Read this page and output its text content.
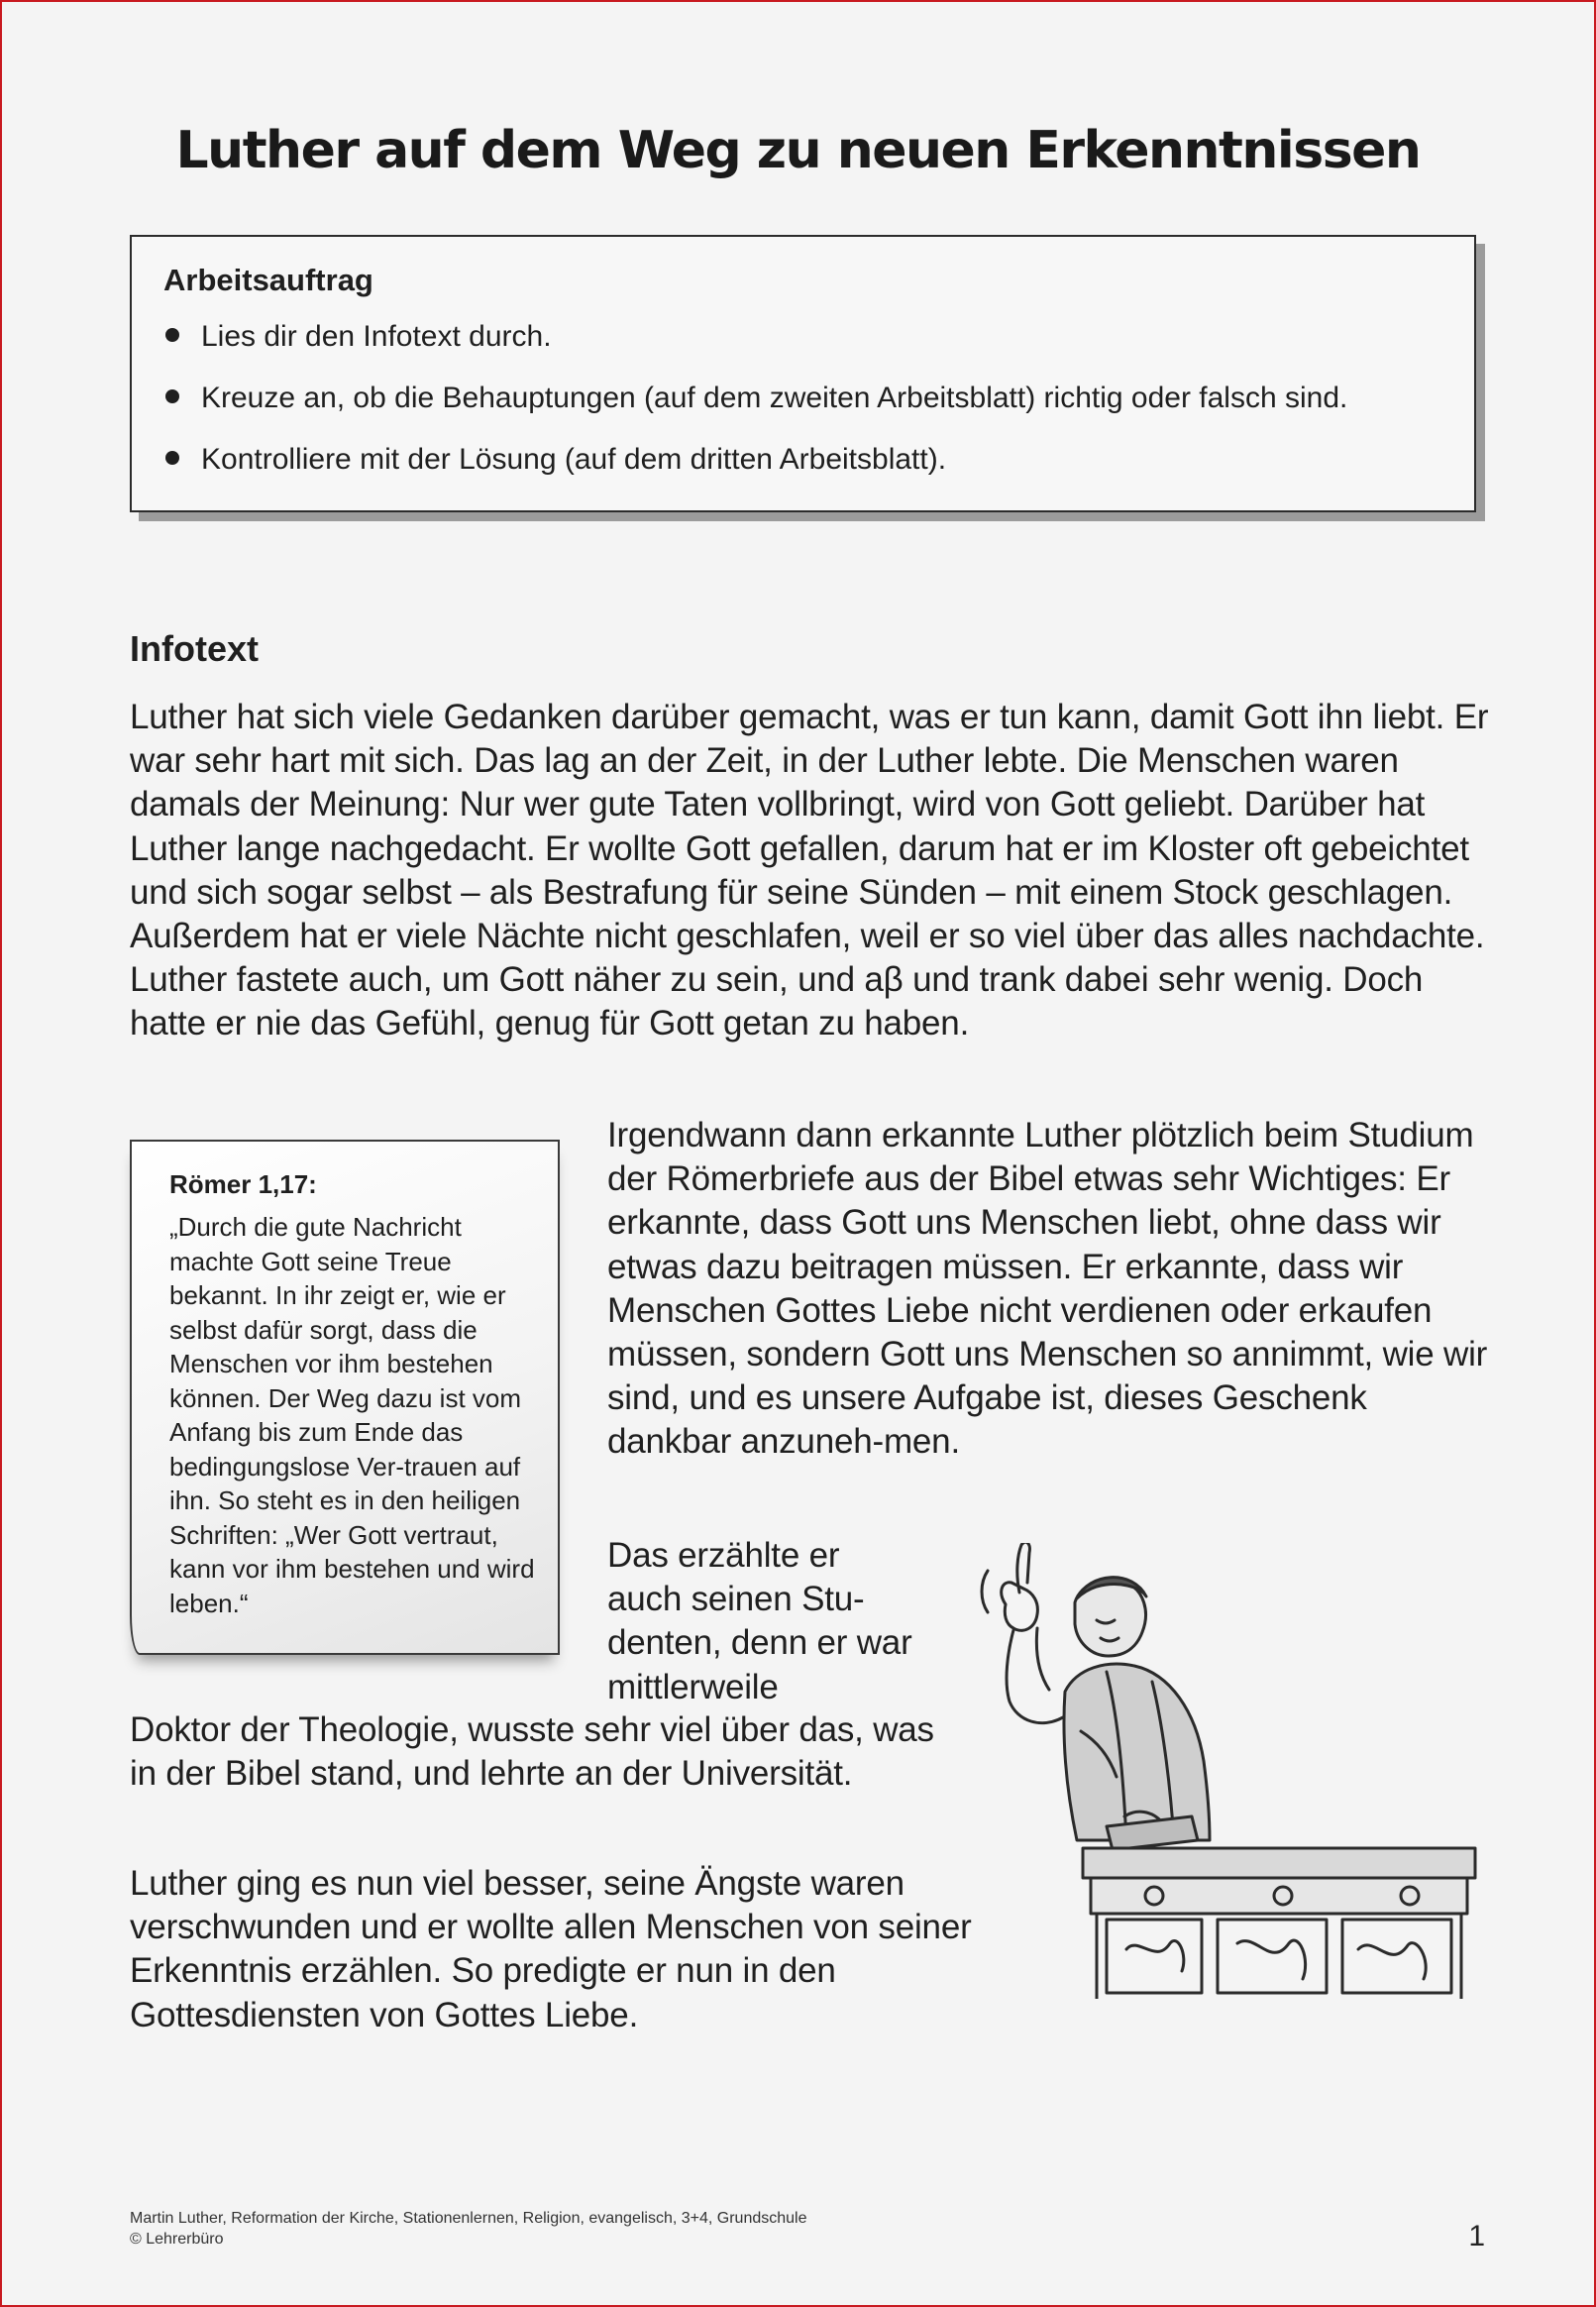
Luther auf dem Weg zu neuen Erkenntnissen
Arbeitsauftrag
Lies dir den Infotext durch.
Kreuze an, ob die Behauptungen (auf dem zweiten Arbeitsblatt) richtig oder falsch sind.
Kontrolliere mit der Lösung (auf dem dritten Arbeitsblatt).
Infotext
Luther hat sich viele Gedanken darüber gemacht, was er tun kann, damit Gott ihn liebt. Er war sehr hart mit sich. Das lag an der Zeit, in der Luther lebte. Die Menschen waren damals der Meinung: Nur wer gute Taten vollbringt, wird von Gott geliebt. Darüber hat Luther lange nachgedacht. Er wollte Gott gefallen, darum hat er im Kloster oft gebeichtet und sich sogar selbst – als Bestrafung für seine Sünden – mit einem Stock geschlagen. Außerdem hat er viele Nächte nicht geschlafen, weil er so viel über das alles nachdachte. Luther fastete auch, um Gott näher zu sein, und aβ und trank dabei sehr wenig. Doch hatte er nie das Gefühl, genug für Gott getan zu haben.
Römer 1,17:
„Durch die gute Nachricht machte Gott seine Treue bekannt. In ihr zeigt er, wie er selbst dafür sorgt, dass die Menschen vor ihm bestehen können. Der Weg dazu ist vom Anfang bis zum Ende das bedingungslose Ver-trauen auf ihn. So steht es in den heiligen Schriften: „Wer Gott vertraut, kann vor ihm bestehen und wird leben.“
Irgendwann dann erkannte Luther plötzlich beim Studium der Römerbriefe aus der Bibel etwas sehr Wichtiges: Er erkannte, dass Gott uns Menschen liebt, ohne dass wir etwas dazu beitragen müssen. Er erkannte, dass wir Menschen Gottes Liebe nicht verdienen oder erkaufen müssen, sondern Gott uns Menschen so annimmt, wie wir sind, und es unsere Aufgabe ist, dieses Geschenk dankbar anzuneh-men.
Das erzählte er auch seinen Stu-denten, denn er war mittlerweile
Doktor der Theologie, wusste sehr viel über das, was in der Bibel stand, und lehrte an der Universität.
Luther ging es nun viel besser, seine Ängste waren verschwunden und er wollte allen Menschen von seiner Erkenntnis erzählen. So predigte er nun in den Gottesdiensten von Gottes Liebe.
Martin Luther, Reformation der Kirche, Stationenlernen, Religion, evangelisch, 3+4, Grundschule
© Lehrerbüro	1
